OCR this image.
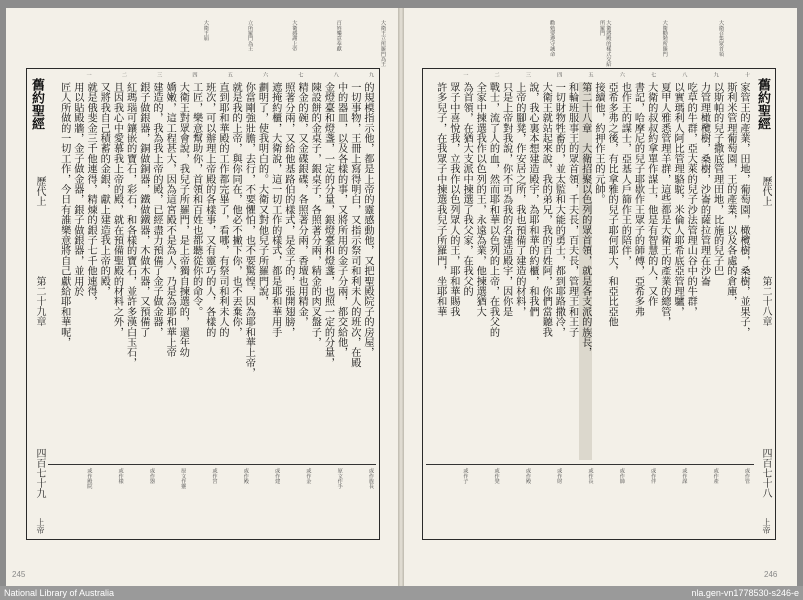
245
大衛王立所羅門為王
百姓樂意奉獻
大衛感謝上帝
立所羅門為王
大衛王崩
舊約聖經
歷代上
第二十九章
四百七十九
上帝
九
八
七
六
五
四
三
二
一
的規模指示他，都是上帝的靈感動他，又把聖殿院子的房屋，
一切事物，王冊上寫得明白，又指示祭司和利未人的班次，在殿
中的器皿，以及各樣的事，又將所用的金子分兩，都交給他，
金燈臺和燈盞，一定的分量，銀燈臺和燈盞，也照一定的分量，
陳設餅的金桌子，銀桌子，各照著分兩，精金的肉叉盤子，
精金的碗，又金碟銀碟，各照著分兩，香壇也用精金，
照著分兩，又給他基路伯的樣式，是金子的，張開翅膀，
遮掩約櫃，大衛說，這一切工作的樣式，都是耶和華用手
劃明了，使我明白的。大衛又對他兒子所羅門說，
你當剛強壯膽，去行，不要懼怕，也不要驚惶，因為耶和華上帝，
就是我的上帝，與你同在，他必不撇下你，也不丟棄你，
直到耶和華殿的工作都完畢了，看哪，有祭司和利未人的
班次，可以辦理上帝殿的各樣事，又有靈巧的人，各樣的
工匠，樂意幫助你，首領和百姓也都聽從你的命令。
大衛王對眾會說，我兒子所羅門，是上帝獨自揀選的，還年幼
嬌嫩，這工程甚大，因為這宮殿不是為人，乃是為耶和華上帝
建造的，我為我上帝的殿，已經盡力預備了金子做金器，
銀子做銀器，銅做銅器，鐵做鐵器，木做木器，又預備了
紅瑪瑙可鑲嵌的寶石，彩石，和各樣的寶石，並許多漢白玉石，
且因我心中愛慕我上帝的殿，就在預備聖殿的材料之外，
又將我自己積蓄的金銀，獻上建造我上帝的殿，
就是俄斐金三千他連得，精煉的銀子七千他連得，
用以貼殿牆，金子做金器，銀子做銀器，並用於
匠人所做的一切工作，今日有誰樂意將自己獻給耶和華呢，
或作族長
原文作手
或作金
或作建
或作殿
或作宮
原文作靈
或作器
或作樣
或作殿院
246
大衛召集眾首領
大衛勸勉所羅門
大衛將殿的樣式交給所羅門
勸勉要遵守誡命
舊約聖經
歷代上
第二十八章
四百七十八
上帝
十
九
八
七
六
五
四
三
二
一
家管王的產業，田地，葡萄園，橄欖樹，桑樹，並果子，
斯利米管理葡萄園，王的產業，以及各處的倉庫，
以斯帕的兒子撒底管理田地，比施的兒子巴
力管理橄欖樹，桑樹，沙崙的薩拉管理在沙崙
吃草的牛群，亞大萊的兒子沙法管理山谷中的牛群，
以實瑪利人阿比管理駱駝，米倫人耶希底亞管理驢，
夏甲人雅悉管理羊群，這些都是大衛王的產業的總管，
大衛的叔叔約拿單作謀士，他是有智慧的人，又作
書記，哈摩尼的兒子耶歇作王眾子的師傅，亞希多弗
也作王的謀士，亞基人戶篩作王的陪伴，
亞希多弗之後，有比拿雅的兒子耶何耶大，和亞比亞他
接續他，約押作王的元帥。
第二十八章　大衛招聚以色列的眾首領，就是各支派的族長，
和輪班服事王的眾首領，千夫長，百夫長，管理王和王子
一切財物牲畜的，並太監和大能的勇士，都到耶路撒冷，
大衛王就站起來說，我的弟兄，我的百姓阿，你們當聽我
說，我心裏本想建造殿宇，為耶和華的約櫃，和我們
上帝的腳凳，作安居之所，我也預備了建造的材料，
只是上帝對我說，你不可為我的名建造殿宇，因你是
戰士，流了人的血，然而耶和華以色列的上帝，在我父的
全家中揀選我作以色列的王，永遠為業，他揀選猶大
為首領，在猶大支派中揀選了我父家，在我父的
眾子中喜悅我，立我作以色列眾人的王，耶和華賜我
許多兒子，在我眾子中揀選我兒子所羅門，坐耶和華
或作管
或作產
或作謀
或作伴
或作帥
或作長
或作財
或作殿
或作凳
或作子
National Library of Australia	nla.gen-vn1778530-s246-e
